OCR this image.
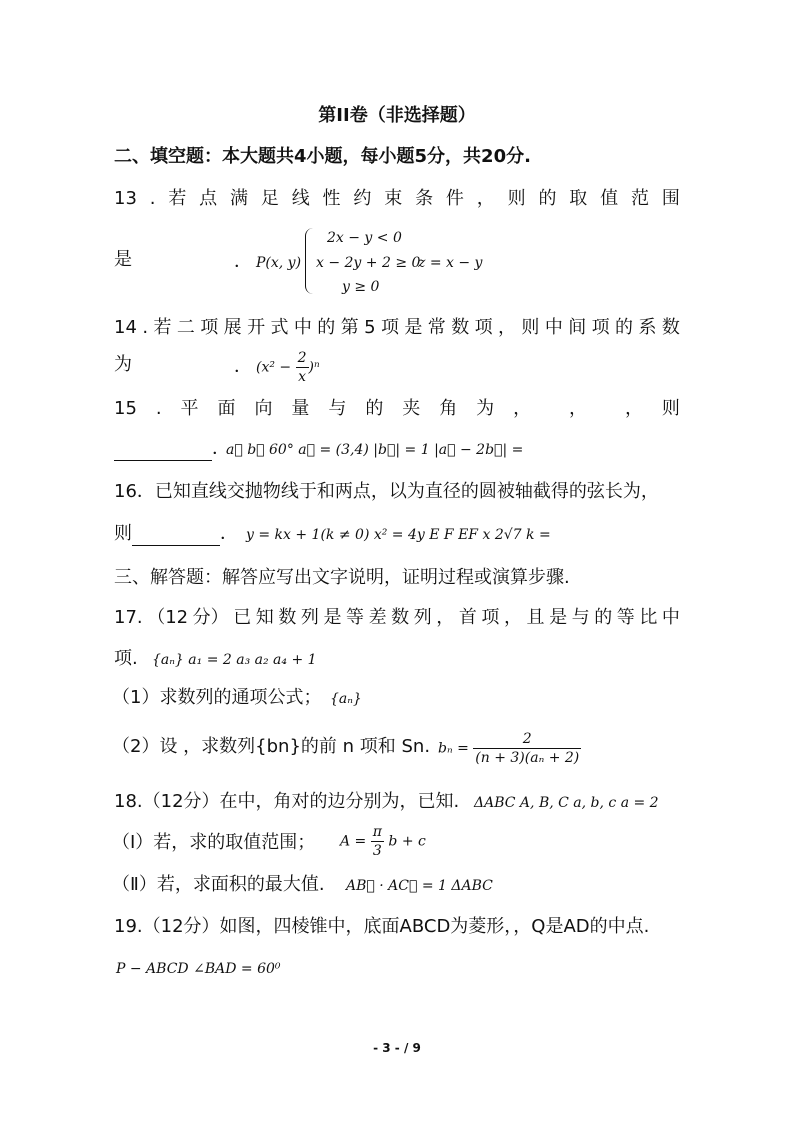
第II卷（非选择题）
二、填空题：本大题共4小题，每小题5分，共20分.
13 . 若 点 满 足 线 性 约 束 条 件 ， 则 的 取 值 范 围
是	． P(x, y)
2x − y < 0
x − 2y + 2 ≥ 0
z = x − y
y ≥ 0
14 . 若 二 项 展 开 式 中 的 第 5 项 是 常 数 项 ， 则 中 间 项 的 系 数
为	． $(x^2 - \frac{2}{x} )^n$
15 . 平 面 向 量 与 的 夹 角 为 ， ， ， 则
．
a⃗ b⃗ 60° a⃗ = (3,4) |b⃗| = 1 |a⃗ − 2b⃗| =
16．已知直线交抛物线于和两点，以为直径的圆被轴截得的弦长为，
则	． y = kx + 1(k ≠ 0) x² = 4y E F EF x 2√7 k =
三、解答题：解答应写出文字说明，证明过程或演算步骤.
17. （12 分） 已 知 数 列 是 等 差 数 列 ， 首 项 ， 且 是 与 的 等 比 中
项. {aₙ} a₁ = 2 a₃ a₂ a₄ + 1
（1）求数列的通项公式； {aₙ}
（2）设 ，求数列{bn}的前 n 项和 Sn. $b_n = \frac{2}{\text{(n + 3)(aₙ + 2)}}$
18.（12分）在中，角对的边分别为，已知. ΔABC A, B, C a, b, c a = 2
（Ⅰ）若，求的取值范围； $A = \frac{\pi}{3}$ b + c
（Ⅱ）若，求面积的最大值. AB⃗ · AC⃗ = 1 ΔABC
19.（12分）如图，四棱锥中，底面ABCD为菱形，，Q是AD的中点.
P − ABCD ∠BAD = 60⁰
- 3 - / 9
